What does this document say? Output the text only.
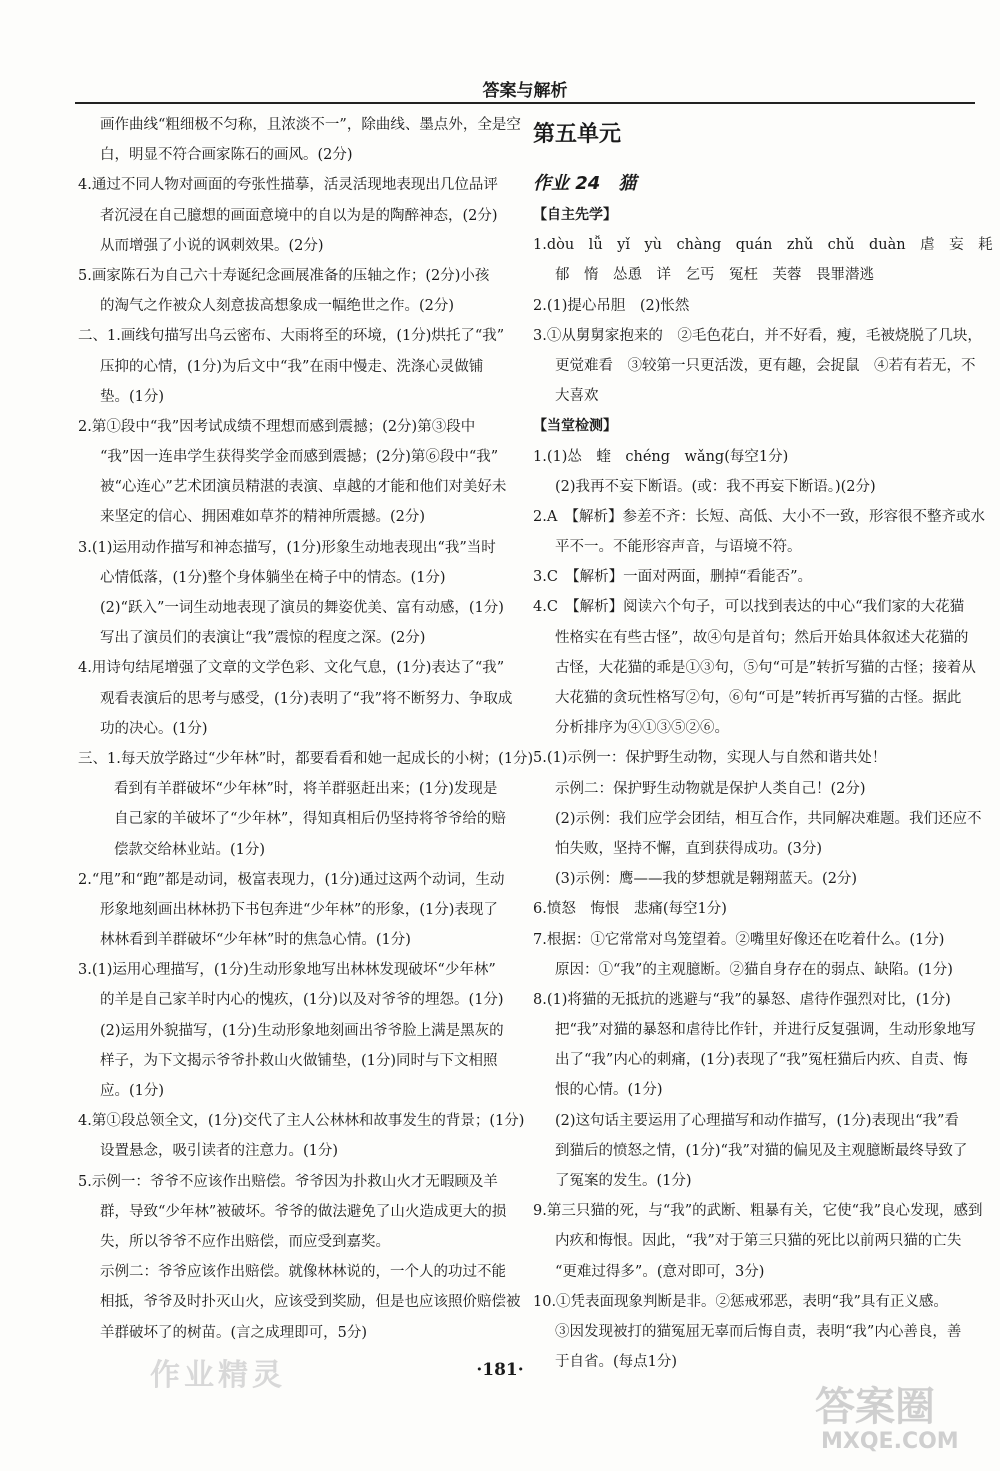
答案与解析
画作曲线“粗细极不匀称，且浓淡不一”，除曲线、墨点外，全是空
白，明显不符合画家陈石的画风。(2分)
4.通过不同人物对画面的夸张性描摹，活灵活现地表现出几位品评
者沉浸在自己臆想的画面意境中的自以为是的陶醉神态，(2分)
从而增强了小说的讽刺效果。(2分)
5.画家陈石为自己六十寿诞纪念画展准备的压轴之作；(2分)小孩
的淘气之作被众人刻意拔高想象成一幅绝世之作。(2分)
二、1.画线句描写出乌云密布、大雨将至的环境，(1分)烘托了“我”
压抑的心情，(1分)为后文中“我”在雨中慢走、洗涤心灵做铺
垫。(1分)
2.第①段中“我”因考试成绩不理想而感到震撼；(2分)第③段中
“我”因一连串学生获得奖学金而感到震撼；(2分)第⑥段中“我”
被“心连心”艺术团演员精湛的表演、卓越的才能和他们对美好未
来坚定的信心、拥困难如草芥的精神所震撼。(2分)
3.(1)运用动作描写和神态描写，(1分)形象生动地表现出“我”当时
心情低落，(1分)整个身体躺坐在椅子中的情态。(1分)
(2)“跃入”一词生动地表现了演员的舞姿优美、富有动感，(1分)
写出了演员们的表演让“我”震惊的程度之深。(2分)
4.用诗句结尾增强了文章的文学色彩、文化气息，(1分)表达了“我”
观看表演后的思考与感受，(1分)表明了“我”将不断努力、争取成
功的决心。(1分)
三、1.每天放学路过“少年林”时，都要看看和她一起成长的小树；(1分)
看到有羊群破坏“少年林”时，将羊群驱赶出来；(1分)发现是
自己家的羊破坏了“少年林”，得知真相后仍坚持将爷爷给的赔
偿款交给林业站。(1分)
2.“甩”和“跑”都是动词，极富表现力，(1分)通过这两个动词，生动
形象地刻画出林林扔下书包奔进“少年林”的形象，(1分)表现了
林林看到羊群破坏“少年林”时的焦急心情。(1分)
3.(1)运用心理描写，(1分)生动形象地写出林林发现破坏“少年林”
的羊是自己家羊时内心的愧疚，(1分)以及对爷爷的埋怨。(1分)
(2)运用外貌描写，(1分)生动形象地刻画出爷爷脸上满是黑灰的
样子，为下文揭示爷爷扑救山火做铺垫，(1分)同时与下文相照
应。(1分)
4.第①段总领全文，(1分)交代了主人公林林和故事发生的背景；(1分)
设置悬念，吸引读者的注意力。(1分)
5.示例一：爷爷不应该作出赔偿。爷爷因为扑救山火才无暇顾及羊
群，导致“少年林”被破坏。爷爷的做法避免了山火造成更大的损
失，所以爷爷不应作出赔偿，而应受到嘉奖。
示例二：爷爷应该作出赔偿。就像林林说的，一个人的功过不能
相抵，爷爷及时扑灭山火，应该受到奖励，但是也应该照价赔偿被
羊群破坏了的树苗。(言之成理即可，5分)
第五单元
作业 24　猫
【自主先学】
1.dòu　lǚ　yǐ　yù　chàng　quán　zhǔ　chǔ　duàn　虐　妄　耗
郁　惰　怂恿　详　乞丐　冤枉　芙蓉　畏罪潜逃
2.(1)提心吊胆　(2)怅然
3.①从舅舅家抱来的　②毛色花白，并不好看，瘦，毛被烧脱了几块，
更觉难看　③较第一只更活泼，更有趣，会捉鼠　④若有若无，不
大喜欢
【当堂检测】
1.(1)怂　蝰　chéng　wǎng(每空1分)
(2)我再不妄下断语。(或：我不再妄下断语。)(2分)
2.A　【解析】参差不齐：长短、高低、大小不一致，形容很不整齐或水
平不一。不能形容声音，与语境不符。
3.C　【解析】一面对两面，删掉“看能否”。
4.C　【解析】阅读六个句子，可以找到表达的中心“我们家的大花猫
性格实在有些古怪”，故④句是首句；然后开始具体叙述大花猫的
古怪，大花猫的乖是①③句，⑤句“可是”转折写猫的古怪；接着从
大花猫的贪玩性格写②句，⑥句“可是”转折再写猫的古怪。据此
分析排序为④①③⑤②⑥。
5.(1)示例一：保护野生动物，实现人与自然和谐共处！
示例二：保护野生动物就是保护人类自己！(2分)
(2)示例：我们应学会团结，相互合作，共同解决难题。我们还应不
怕失败，坚持不懈，直到获得成功。(3分)
(3)示例：鹰——我的梦想就是翱翔蓝天。(2分)
6.愤怒　悔恨　悲痛(每空1分)
7.根据：①它常常对鸟笼望着。②嘴里好像还在吃着什么。(1分)
原因：①“我”的主观臆断。②猫自身存在的弱点、缺陷。(1分)
8.(1)将猫的无抵抗的逃避与“我”的暴怒、虐待作强烈对比，(1分)
把“我”对猫的暴怒和虐待比作针，并进行反复强调，生动形象地写
出了“我”内心的刺痛，(1分)表现了“我”冤枉猫后内疚、自责、悔
恨的心情。(1分)
(2)这句话主要运用了心理描写和动作描写，(1分)表现出“我”看
到猫后的愤怒之情，(1分)“我”对猫的偏见及主观臆断最终导致了
了冤案的发生。(1分)
9.第三只猫的死，与“我”的武断、粗暴有关，它使“我”良心发现，感到
内疚和悔恨。因此，“我”对于第三只猫的死比以前两只猫的亡失
“更难过得多”。(意对即可，3分)
10.①凭表面现象判断是非。②惩戒邪恶，表明“我”具有正义感。
③因发现被打的猫冤屈无辜而后悔自责，表明“我”内心善良，善
于自省。(每点1分)
·181·
作业精灵
答案圈
MXQE.COM
